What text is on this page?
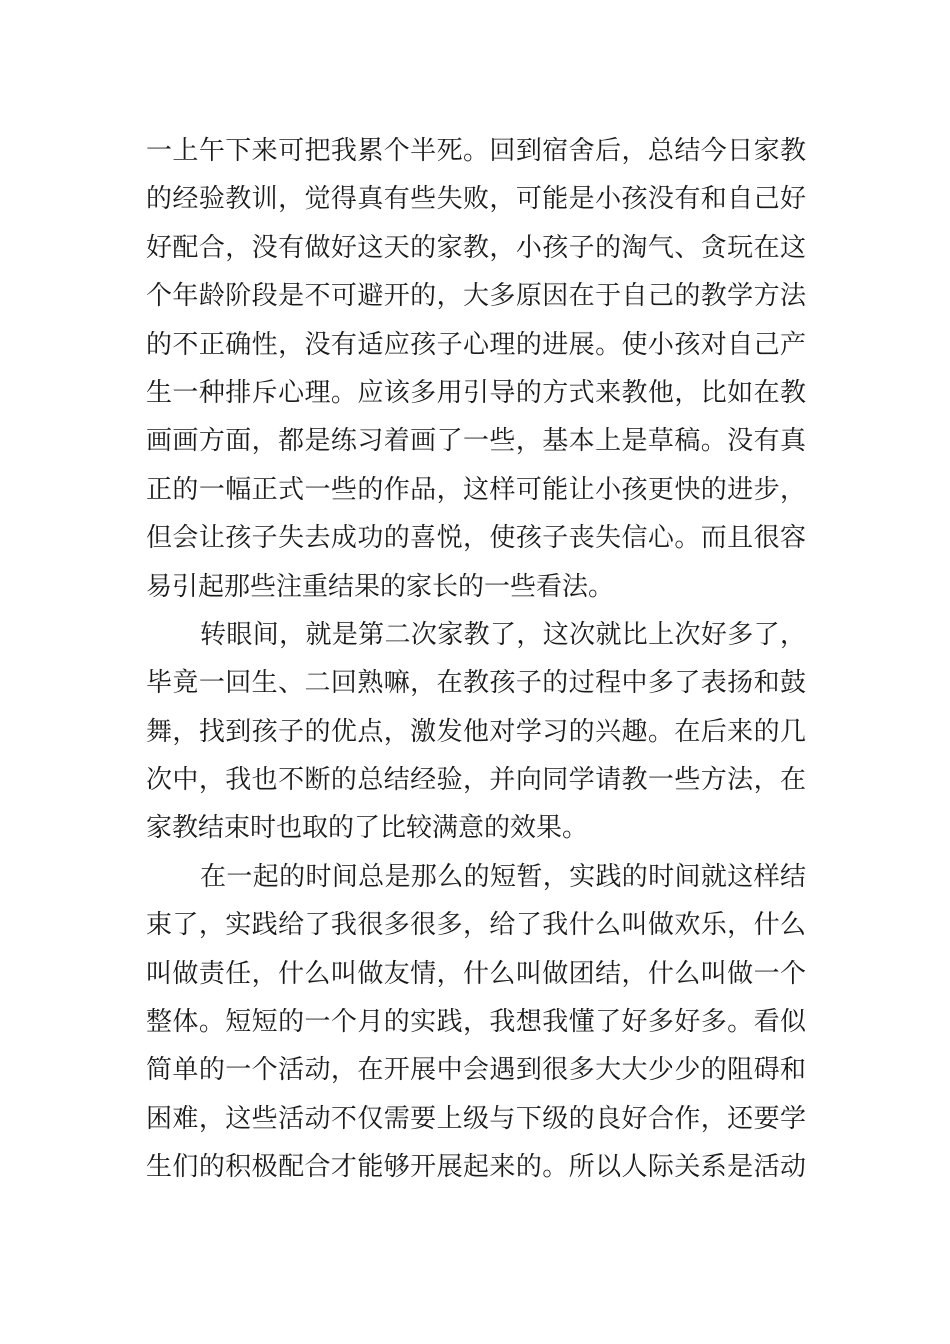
一上午下来可把我累个半死。回到宿舍后，总结今日家教
的经验教训，觉得真有些失败，可能是小孩没有和自己好
好配合，没有做好这天的家教，小孩子的淘气、贪玩在这
个年龄阶段是不可避开的，大多原因在于自己的教学方法
的不正确性，没有适应孩子心理的进展。使小孩对自己产
生一种排斥心理。应该多用引导的方式来教他，比如在教
画画方面，都是练习着画了一些，基本上是草稿。没有真
正的一幅正式一些的作品，这样可能让小孩更快的进步，
但会让孩子失去成功的喜悦，使孩子丧失信心。而且很容
易引起那些注重结果的家长的一些看法。

转眼间，就是第二次家教了，这次就比上次好多了，
毕竟一回生、二回熟嘛，在教孩子的过程中多了表扬和鼓
舞，找到孩子的优点，激发他对学习的兴趣。在后来的几
次中，我也不断的总结经验，并向同学请教一些方法，在
家教结束时也取的了比较满意的效果。

在一起的时间总是那么的短暂，实践的时间就这样结
束了，实践给了我很多很多，给了我什么叫做欢乐，什么
叫做责任，什么叫做友情，什么叫做团结，什么叫做一个
整体。短短的一个月的实践，我想我懂了好多好多。看似
简单的一个活动，在开展中会遇到很多大大少少的阻碍和
困难，这些活动不仅需要上级与下级的良好合作，还要学
生们的积极配合才能够开展起来的。所以人际关系是活动
